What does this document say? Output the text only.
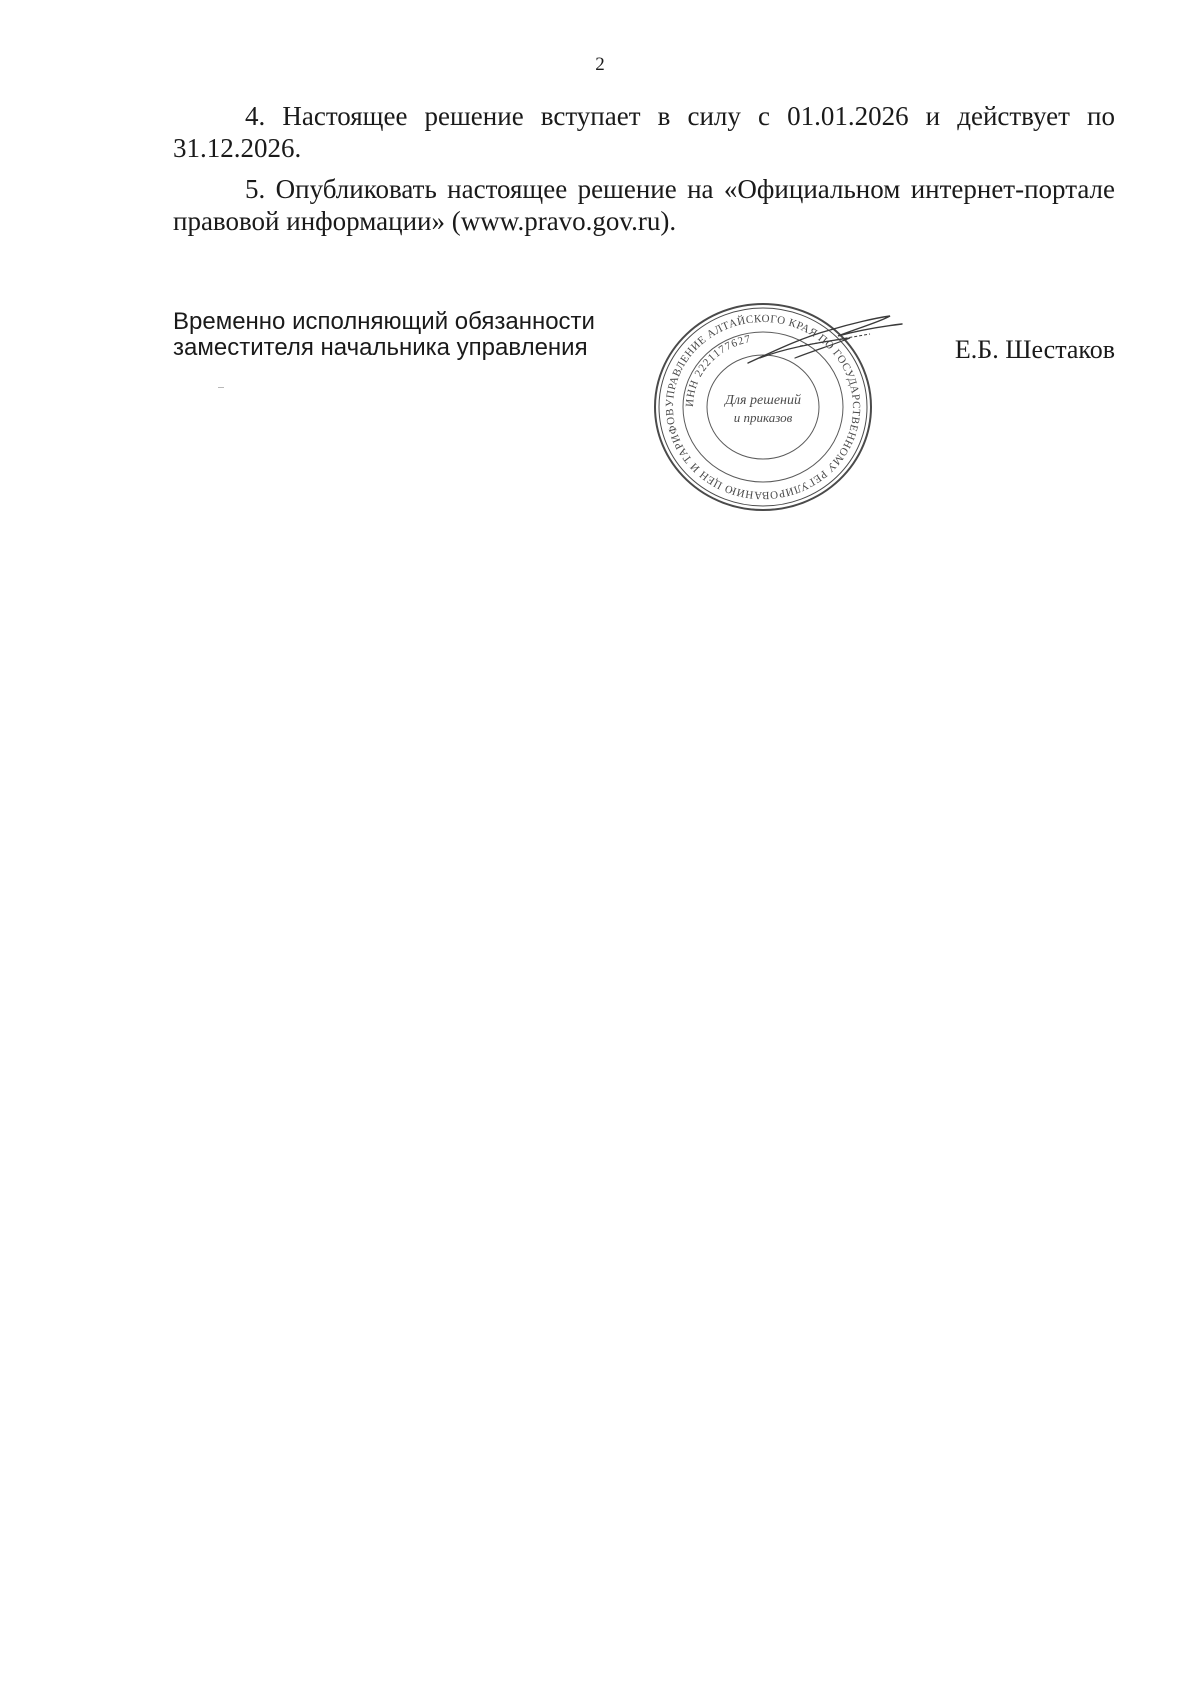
2

4. Настоящее решение вступает в силу с 01.01.2026 и действует по 31.12.2026.

5. Опубликовать настоящее решение на «Официальном интернет-портале правовой информации» (www.pravo.gov.ru).

Временно исполняющий обязанности
заместителя начальника управления
УПРАВЛЕНИЕ АЛТАЙСКОГО КРАЯ ПО ГОСУДАРСТВЕННОМУ РЕГУЛИРОВАНИЮ ЦЕН И ТАРИФОВ
ИНН 2221177627
Для решений
и приказов
Е.Б. Шестаков
